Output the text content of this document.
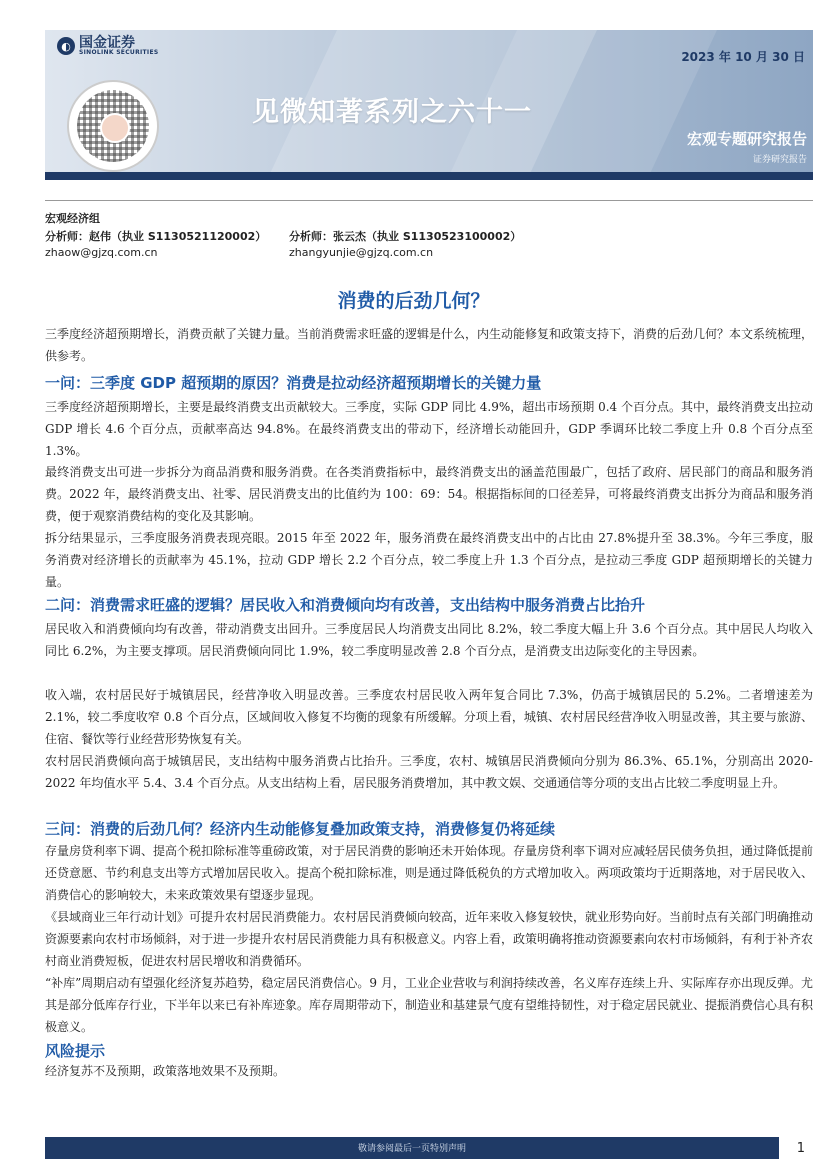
◐ 国金证券
SINOLINK SECURITIES	2023 年 10 月 30 日
见微知著系列之六十一
宏观专题研究报告
证券研究报告
宏观经济组
分析师：赵伟（执业 S1130521120002）
zhaow@gjzq.com.cn
分析师：张云杰（执业 S1130523100002）
zhangyunjie@gjzq.com.cn
消费的后劲几何？

三季度经济超预期增长，消费贡献了关键力量。当前消费需求旺盛的逻辑是什么，内生动能修复和政策支持下，消费的后劲几何？本文系统梳理，供参考。

一问：三季度 GDP 超预期的原因？消费是拉动经济超预期增长的关键力量

三季度经济超预期增长，主要是最终消费支出贡献较大。三季度，实际 GDP 同比 4.9%，超出市场预期 0.4 个百分点。其中，最终消费支出拉动 GDP 增长 4.6 个百分点，贡献率高达 94.8%。在最终消费支出的带动下，经济增长动能回升，GDP 季调环比较二季度上升 0.8 个百分点至 1.3%。

最终消费支出可进一步拆分为商品消费和服务消费。在各类消费指标中，最终消费支出的涵盖范围最广，包括了政府、居民部门的商品和服务消费。2022 年，最终消费支出、社零、居民消费支出的比值约为 100：69：54。根据指标间的口径差异，可将最终消费支出拆分为商品和服务消费，便于观察消费结构的变化及其影响。

拆分结果显示，三季度服务消费表现亮眼。2015 年至 2022 年，服务消费在最终消费支出中的占比由 27.8%提升至 38.3%。今年三季度，服务消费对经济增长的贡献率为 45.1%，拉动 GDP 增长 2.2 个百分点，较二季度上升 1.3 个百分点，是拉动三季度 GDP 超预期增长的关键力量。

二问：消费需求旺盛的逻辑？居民收入和消费倾向均有改善，支出结构中服务消费占比抬升

居民收入和消费倾向均有改善，带动消费支出回升。三季度居民人均消费支出同比 8.2%，较二季度大幅上升 3.6 个百分点。其中居民人均收入同比 6.2%，为主要支撑项。居民消费倾向同比 1.9%，较二季度明显改善 2.8 个百分点，是消费支出边际变化的主导因素。

收入端，农村居民好于城镇居民，经营净收入明显改善。三季度农村居民收入两年复合同比 7.3%，仍高于城镇居民的 5.2%。二者增速差为 2.1%，较二季度收窄 0.8 个百分点，区域间收入修复不均衡的现象有所缓解。分项上看，城镇、农村居民经营净收入明显改善，其主要与旅游、住宿、餐饮等行业经营形势恢复有关。

农村居民消费倾向高于城镇居民，支出结构中服务消费占比抬升。三季度，农村、城镇居民消费倾向分别为 86.3%、65.1%，分别高出 2020-2022 年均值水平 5.4、3.4 个百分点。从支出结构上看，居民服务消费增加，其中教文娱、交通通信等分项的支出占比较二季度明显上升。

三问：消费的后劲几何？经济内生动能修复叠加政策支持，消费修复仍将延续

存量房贷利率下调、提高个税扣除标准等重磅政策，对于居民消费的影响还未开始体现。存量房贷利率下调对应减轻居民债务负担，通过降低提前还贷意愿、节约利息支出等方式增加居民收入。提高个税扣除标准，则是通过降低税负的方式增加收入。两项政策均于近期落地，对于居民收入、消费信心的影响较大，未来政策效果有望逐步显现。

《县域商业三年行动计划》可提升农村居民消费能力。农村居民消费倾向较高，近年来收入修复较快，就业形势向好。当前时点有关部门明确推动资源要素向农村市场倾斜，对于进一步提升农村居民消费能力具有积极意义。内容上看，政策明确将推动资源要素向农村市场倾斜，有利于补齐农村商业消费短板，促进农村居民增收和消费循环。

“补库”周期启动有望强化经济复苏趋势，稳定居民消费信心。9 月，工业企业营收与利润持续改善，名义库存连续上升、实际库存亦出现反弹。尤其是部分低库存行业，下半年以来已有补库迹象。库存周期带动下，制造业和基建景气度有望维持韧性，对于稳定居民就业、提振消费信心具有积极意义。

风险提示

经济复苏不及预期，政策落地效果不及预期。

敬请参阅最后一页特别声明	1
